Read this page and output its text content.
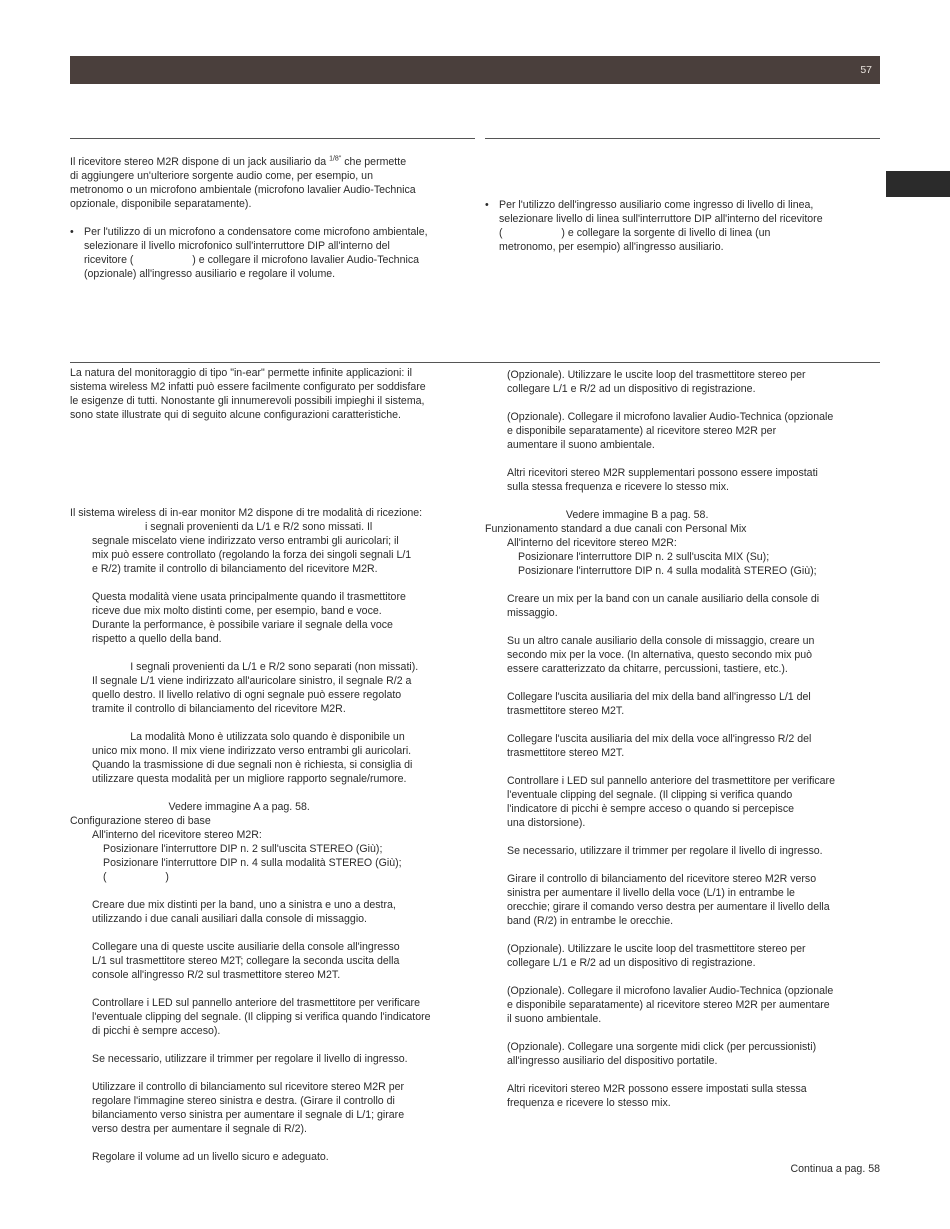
57

Il ricevitore stereo M2R dispone di un jack ausiliario da $^{1/8"}$ che permette

di aggiungere un'ulteriore sorgente audio come, per esempio, un

metronomo o un microfono ambientale (microfono lavalier Audio-Technica

opzionale, disponibile separatamente).

• Per l'utilizzo di un microfono a condensatore come microfono ambientale,

selezionare il livello microfonico sull'interruttore DIP all'interno del

ricevitore (                    ) e collegare il microfono lavalier Audio-Technica

(opzionale) all'ingresso ausiliario e regolare il volume.

• Per l'utilizzo dell'ingresso ausiliario come ingresso di livello di linea,

selezionare livello di linea sull'interruttore DIP all'interno del ricevitore

(                    ) e collegare la sorgente di livello di linea (un

metronomo, per esempio) all'ingresso ausiliario.

La natura del monitoraggio di tipo "in-ear" permette infinite applicazioni: il

sistema wireless M2 infatti può essere facilmente configurato per soddisfare

le esigenze di tutti. Nonostante gli innumerevoli possibili impieghi il sistema,

sono state illustrate qui di seguito alcune configurazioni caratteristiche.

Il sistema wireless di in-ear monitor M2 dispone di tre modalità di ricezione:

i segnali provenienti da L/1 e R/2 sono missati. Il

segnale miscelato viene indirizzato verso entrambi gli auricolari; il

mix può essere controllato (regolando la forza dei singoli segnali L/1

e R/2) tramite il controllo di bilanciamento del ricevitore M2R.

Questa modalità viene usata principalmente quando il trasmettitore

riceve due mix molto distinti come, per esempio, band e voce.

Durante la performance, è possibile variare il segnale della voce

rispetto a quello della band.

I segnali provenienti da L/1 e R/2 sono separati (non missati).

Il segnale L/1 viene indirizzato all'auricolare sinistro, il segnale R/2 a

quello destro. Il livello relativo di ogni segnale può essere regolato

tramite il controllo di bilanciamento del ricevitore M2R.

La modalità Mono è utilizzata solo quando è disponibile un

unico mix mono. Il mix viene indirizzato verso entrambi gli auricolari.

Quando la trasmissione di due segnali non è richiesta, si consiglia di

utilizzare questa modalità per un migliore rapporto segnale/rumore.

Vedere immagine A a pag. 58.

Configurazione stereo di base

All'interno del ricevitore stereo M2R:

Posizionare l'interruttore DIP n. 2 sull'uscita STEREO (Giù);

Posizionare l'interruttore DIP n. 4 sulla modalità STEREO (Giù);

(                    )

Creare due mix distinti per la band, uno a sinistra e uno a destra,

utilizzando i due canali ausiliari dalla console di missaggio.

Collegare una di queste uscite ausiliarie della console all'ingresso

L/1 sul trasmettitore stereo M2T; collegare la seconda uscita della

console all'ingresso R/2 sul trasmettitore stereo M2T.

Controllare i LED sul pannello anteriore del trasmettitore per verificare

l'eventuale clipping del segnale. (Il clipping si verifica quando l'indicatore

di picchi è sempre acceso).

Se necessario, utilizzare il trimmer per regolare il livello di ingresso.

Utilizzare il controllo di bilanciamento sul ricevitore stereo M2R per

regolare l'immagine stereo sinistra e destra. (Girare il controllo di

bilanciamento verso sinistra per aumentare il segnale di L/1; girare

verso destra per aumentare il segnale di R/2).

Regolare il volume ad un livello sicuro e adeguato.

(Opzionale). Utilizzare le uscite loop del trasmettitore stereo per

collegare L/1 e R/2 ad un dispositivo di registrazione.

(Opzionale). Collegare il microfono lavalier Audio-Technica (opzionale

e disponibile separatamente) al ricevitore stereo M2R per

aumentare il suono ambientale.

Altri ricevitori stereo M2R supplementari possono essere impostati

sulla stessa frequenza e ricevere lo stesso mix.

Vedere immagine B a pag. 58.

Funzionamento standard a due canali con Personal Mix

All'interno del ricevitore stereo M2R:

Posizionare l'interruttore DIP n. 2 sull'uscita MIX (Su);

Posizionare l'interruttore DIP n. 4 sulla modalità STEREO (Giù);

Creare un mix per la band con un canale ausiliario della console di

missaggio.

Su un altro canale ausiliario della console di missaggio, creare un

secondo mix per la voce. (In alternativa, questo secondo mix può

essere caratterizzato da chitarre, percussioni, tastiere, etc.).

Collegare l'uscita ausiliaria del mix della band all'ingresso L/1 del

trasmettitore stereo M2T.

Collegare l'uscita ausiliaria del mix della voce all'ingresso R/2 del

trasmettitore stereo M2T.

Controllare i LED sul pannello anteriore del trasmettitore per verificare

l'eventuale clipping del segnale. (Il clipping si verifica quando

l'indicatore di picchi è sempre acceso o quando si percepisce

una distorsione).

Se necessario, utilizzare il trimmer per regolare il livello di ingresso.

Girare il controllo di bilanciamento del ricevitore stereo M2R verso

sinistra per aumentare il livello della voce (L/1) in entrambe le

orecchie; girare il comando verso destra per aumentare il livello della

band (R/2) in entrambe le orecchie.

(Opzionale). Utilizzare le uscite loop del trasmettitore stereo per

collegare L/1 e R/2 ad un dispositivo di registrazione.

(Opzionale). Collegare il microfono lavalier Audio-Technica (opzionale

e disponibile separatamente) al ricevitore stereo M2R per aumentare

il suono ambientale.

(Opzionale). Collegare una sorgente midi click (per percussionisti)

all'ingresso ausiliario del dispositivo portatile.

Altri ricevitori stereo M2R possono essere impostati sulla stessa

frequenza e ricevere lo stesso mix.

Continua a pag. 58
